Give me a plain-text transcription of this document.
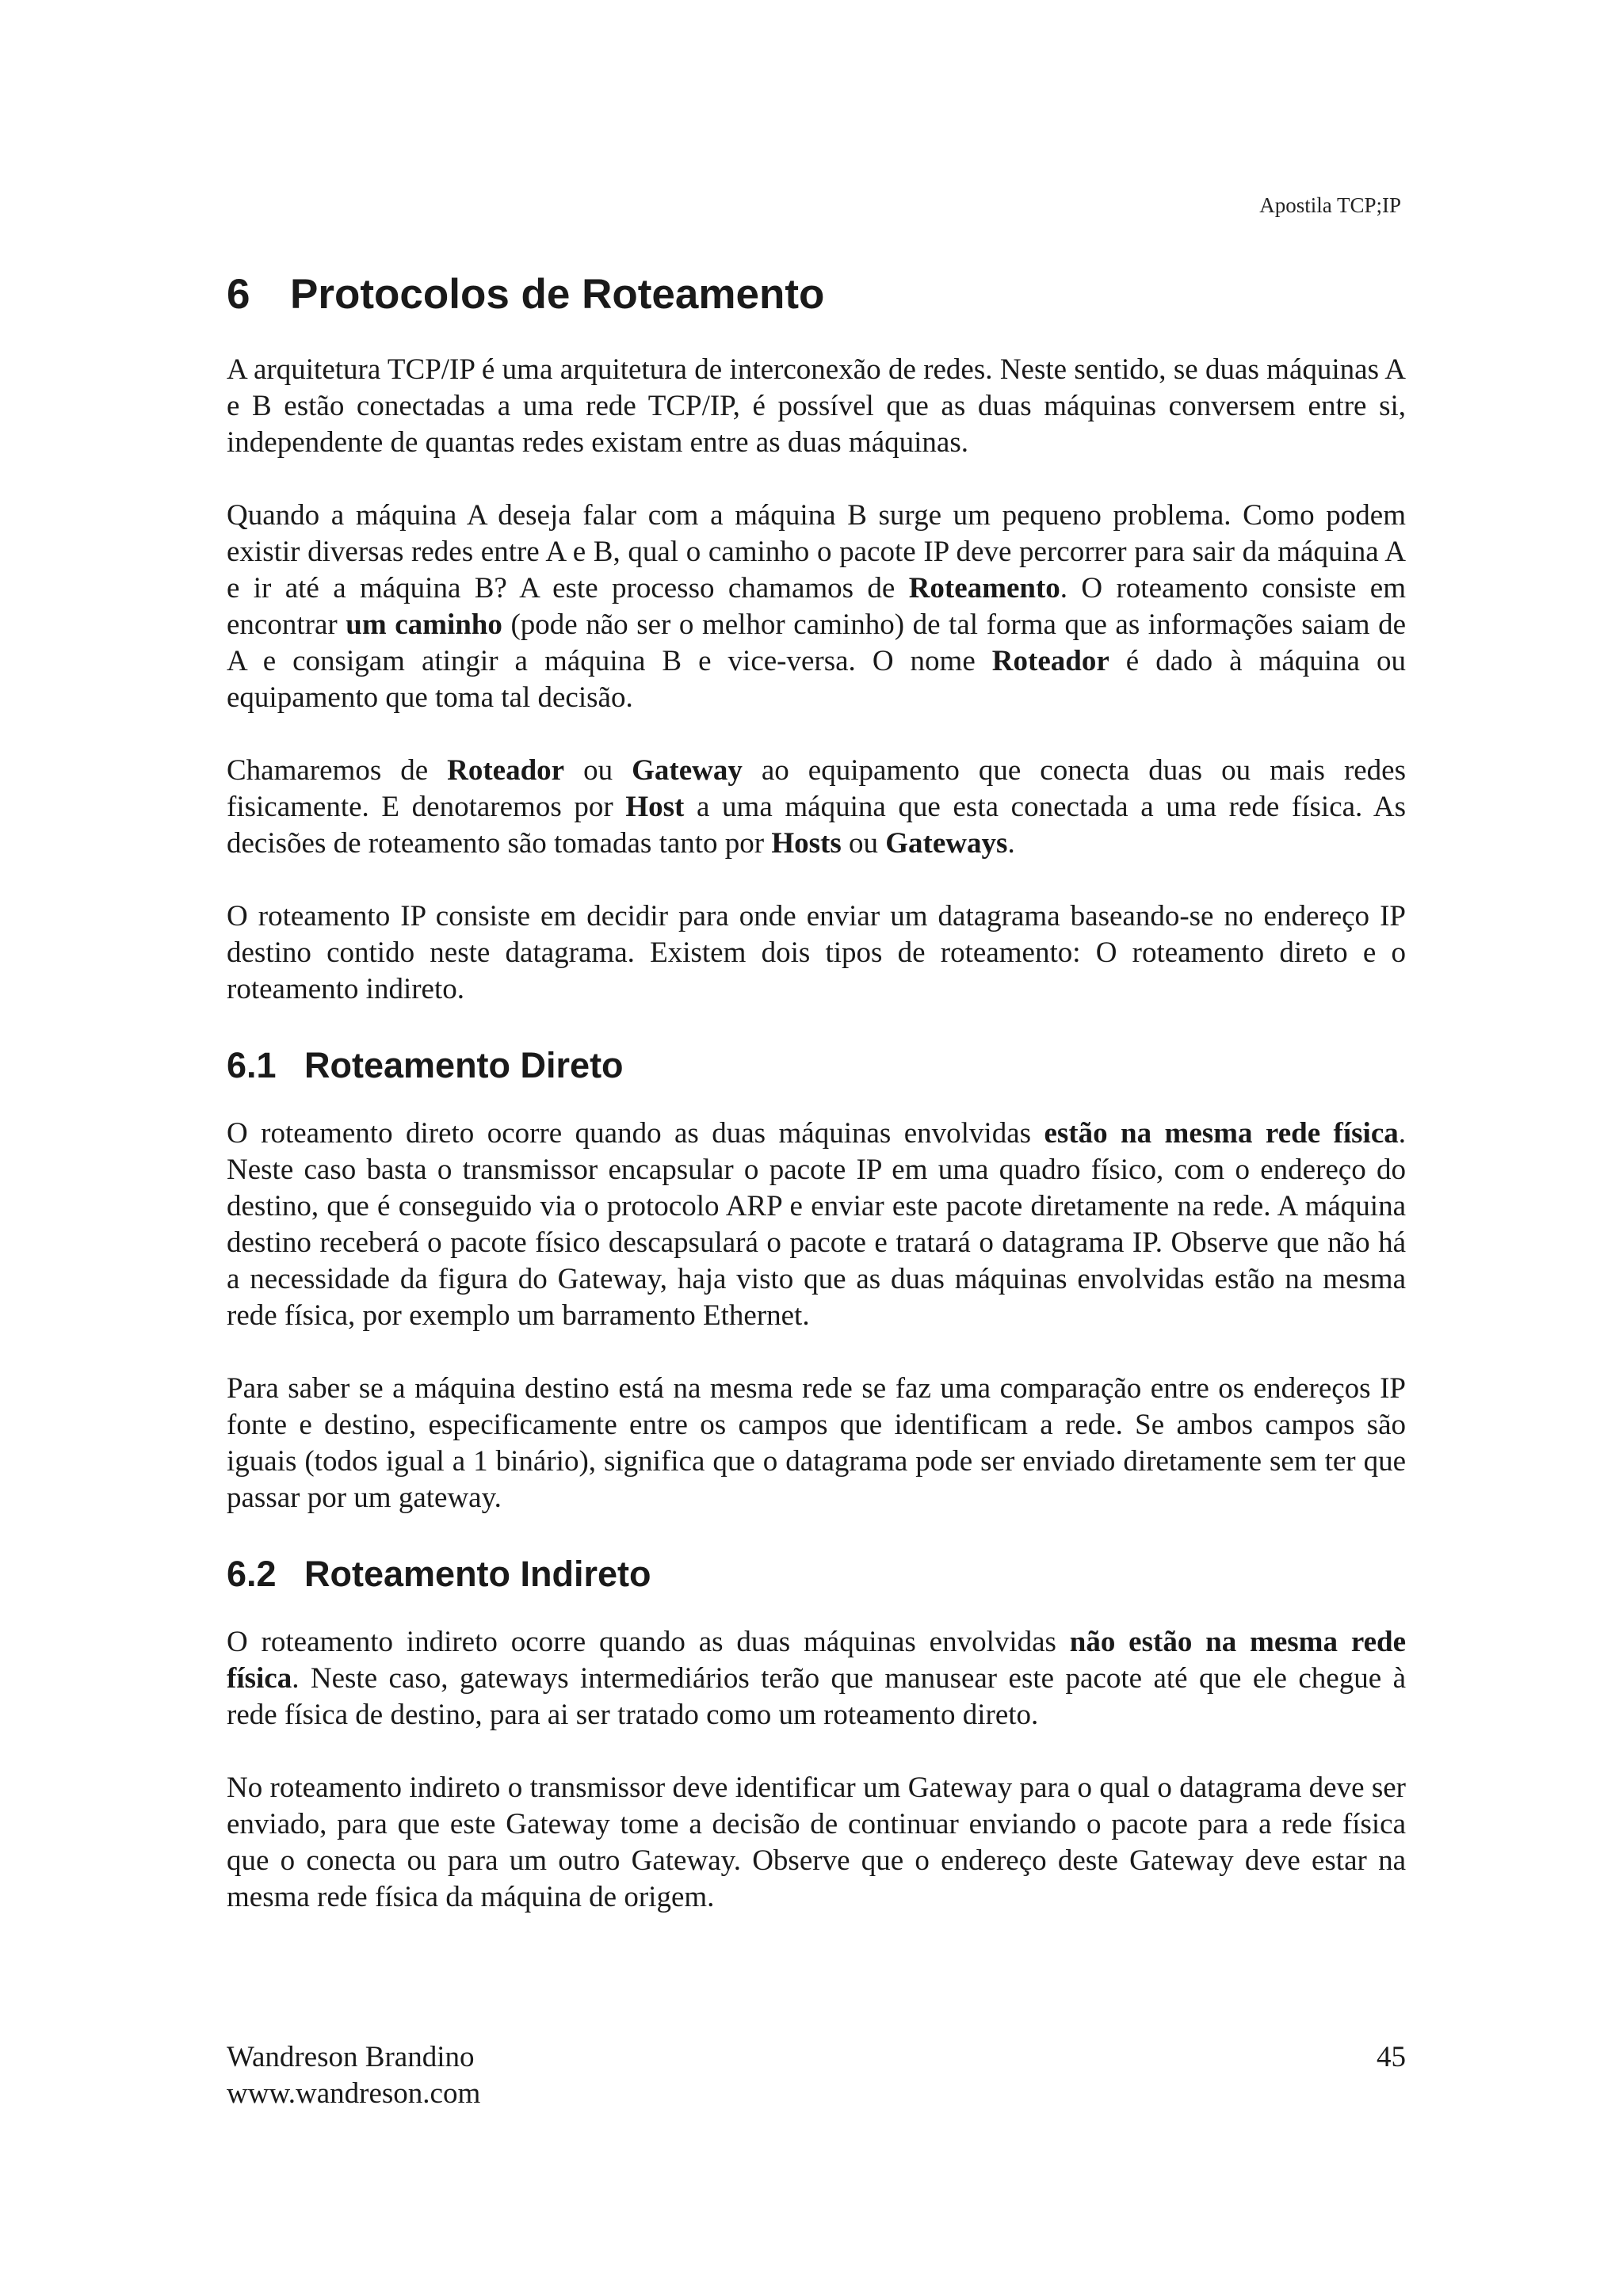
Apostila TCP;IP
6 Protocolos de Roteamento

A arquitetura TCP/IP é uma arquitetura de interconexão de redes. Neste sentido, se duas máquinas A e B estão conectadas a uma rede TCP/IP, é possível que as duas máquinas conversem entre si, independente de quantas redes existam entre as duas máquinas.

Quando a máquina A deseja falar com a máquina B surge um pequeno problema. Como podem existir diversas redes entre A e B, qual o caminho o pacote IP deve percorrer para sair da máquina A e ir até a máquina B? A este processo chamamos de Roteamento. O roteamento consiste em encontrar um caminho (pode não ser o melhor caminho) de tal forma que as informações saiam de A e consigam atingir a máquina B e vice-versa. O nome Roteador é dado à máquina ou equipamento que toma tal decisão.

Chamaremos de Roteador ou Gateway ao equipamento que conecta duas ou mais redes fisicamente. E denotaremos por Host a uma máquina que esta conectada a uma rede física. As decisões de roteamento são tomadas tanto por Hosts ou Gateways.

O roteamento IP consiste em decidir para onde enviar um datagrama baseando-se no endereço IP destino contido neste datagrama. Existem dois tipos de roteamento: O roteamento direto e o roteamento indireto.

6.1 Roteamento Direto

O roteamento direto ocorre quando as duas máquinas envolvidas estão na mesma rede física. Neste caso basta o transmissor encapsular o pacote IP em uma quadro físico, com o endereço do destino, que é conseguido via o protocolo ARP e enviar este pacote diretamente na rede. A máquina destino receberá o pacote físico descapsulará o pacote e tratará o datagrama IP. Observe que não há a necessidade da figura do Gateway, haja visto que as duas máquinas envolvidas estão na mesma rede física, por exemplo um barramento Ethernet.

Para saber se a máquina destino está na mesma rede se faz uma comparação entre os endereços IP fonte e destino, especificamente entre os campos que identificam a rede. Se ambos campos são iguais (todos igual a 1 binário), significa que o datagrama pode ser enviado diretamente sem ter que passar por um gateway.

6.2 Roteamento Indireto

O roteamento indireto ocorre quando as duas máquinas envolvidas não estão na mesma rede física. Neste caso, gateways intermediários terão que manusear este pacote até que ele chegue à rede física de destino, para ai ser tratado como um roteamento direto.

No roteamento indireto o transmissor deve identificar um Gateway para o qual o datagrama deve ser enviado, para que este Gateway tome a decisão de continuar enviando o pacote para a rede física que o conecta ou para um outro Gateway. Observe que o endereço deste Gateway deve estar na mesma rede física da máquina de origem.

Wandreson Brandino
www.wandreson.com
45
